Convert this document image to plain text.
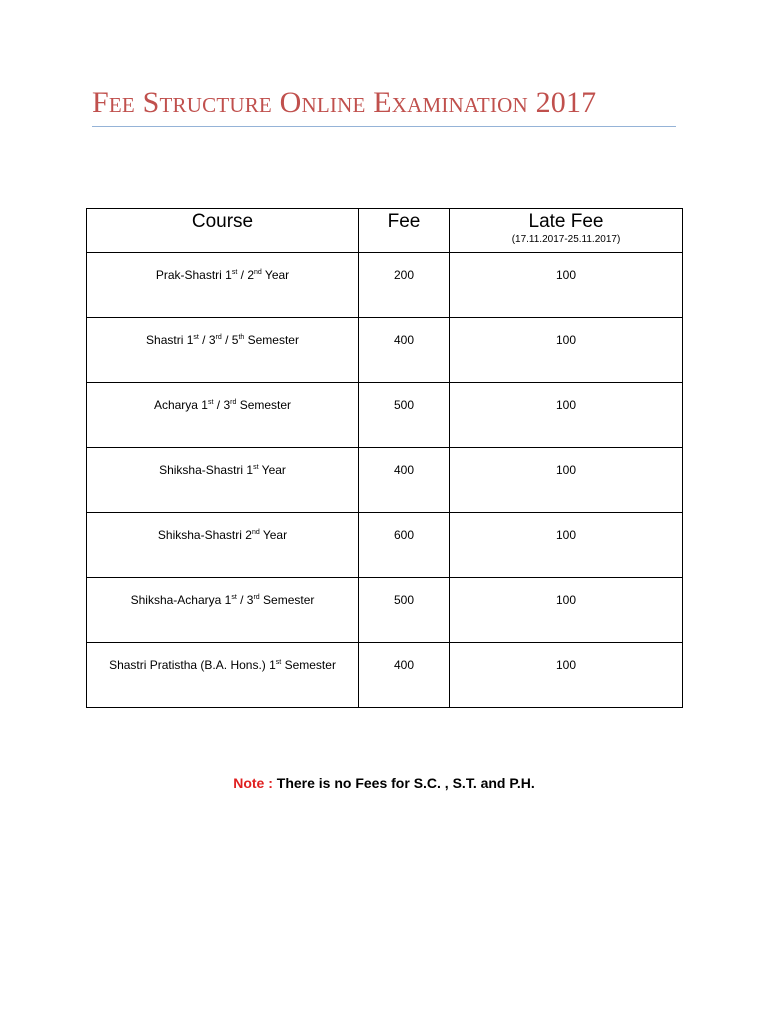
Fee Structure Online Examination 2017
Course	Fee	Late Fee
(17.11.2017-25.11.2017)

Prak-Shastri 1st / 2nd Year	200	100
Shastri 1st / 3rd / 5th Semester	400	100
Acharya 1st / 3rd Semester	500	100
Shiksha-Shastri 1st Year	400	100
Shiksha-Shastri 2nd Year	600	100
Shiksha-Acharya 1st / 3rd Semester	500	100
Shastri Pratistha (B.A. Hons.) 1st Semester	400	100
Note : There is no Fees for S.C. , S.T. and P.H.
